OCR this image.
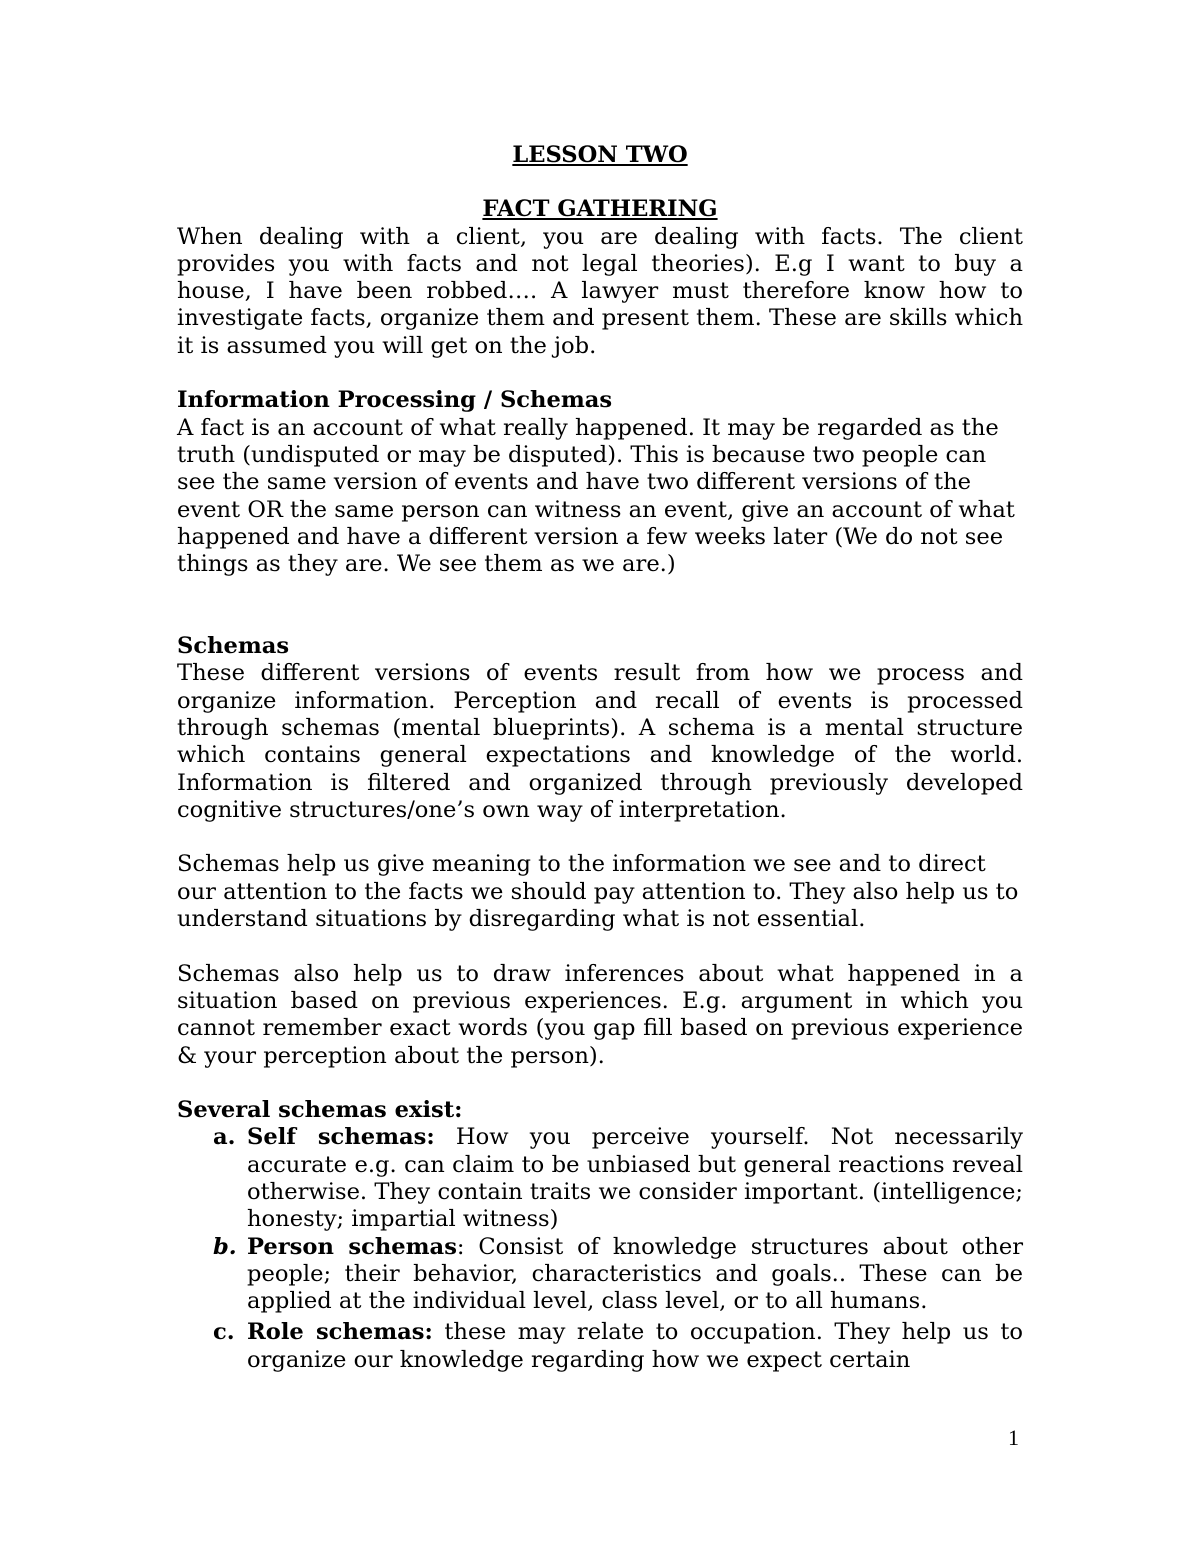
LESSON TWO
FACT GATHERING

When dealing with a client, you are dealing with facts. The client provides you with facts and not legal theories). E.g I want to buy a house, I have been robbed…. A lawyer must therefore know how to investigate facts, organize them and present them. These are skills which it is assumed you will get on the job.

Information Processing / Schemas

A fact is an account of what really happened. It may be regarded as the truth (undisputed or may be disputed). This is because two people can see the same version of events and have two different versions of the event OR the same person can witness an event, give an account of what happened and have a different version a few weeks later (We do not see things as they are. We see them as we are.)

Schemas

These different versions of events result from how we process and organize information. Perception and recall of events is processed through schemas (mental blueprints). A schema is a mental structure which contains general expectations and knowledge of the world. Information is filtered and organized through previously developed cognitive structures/one’s own way of interpretation.

Schemas help us give meaning to the information we see and to direct our attention to the facts we should pay attention to. They also help us to understand situations by disregarding what is not essential.

Schemas also help us to draw inferences about what happened in a situation based on previous experiences. E.g. argument in which you cannot remember exact words (you gap fill based on previous experience & your perception about the person).

Several schemas exist:
a. Self schemas: How you perceive yourself. Not necessarily accurate e.g. can claim to be unbiased but general reactions reveal otherwise. They contain traits we consider important. (intelligence; honesty; impartial witness)
b. Person schemas: Consist of knowledge structures about other people; their behavior, characteristics and goals.. These can be applied at the individual level, class level, or to all humans.
c. Role schemas: these may relate to occupation. They help us to organize our knowledge regarding how we expect certain
1
